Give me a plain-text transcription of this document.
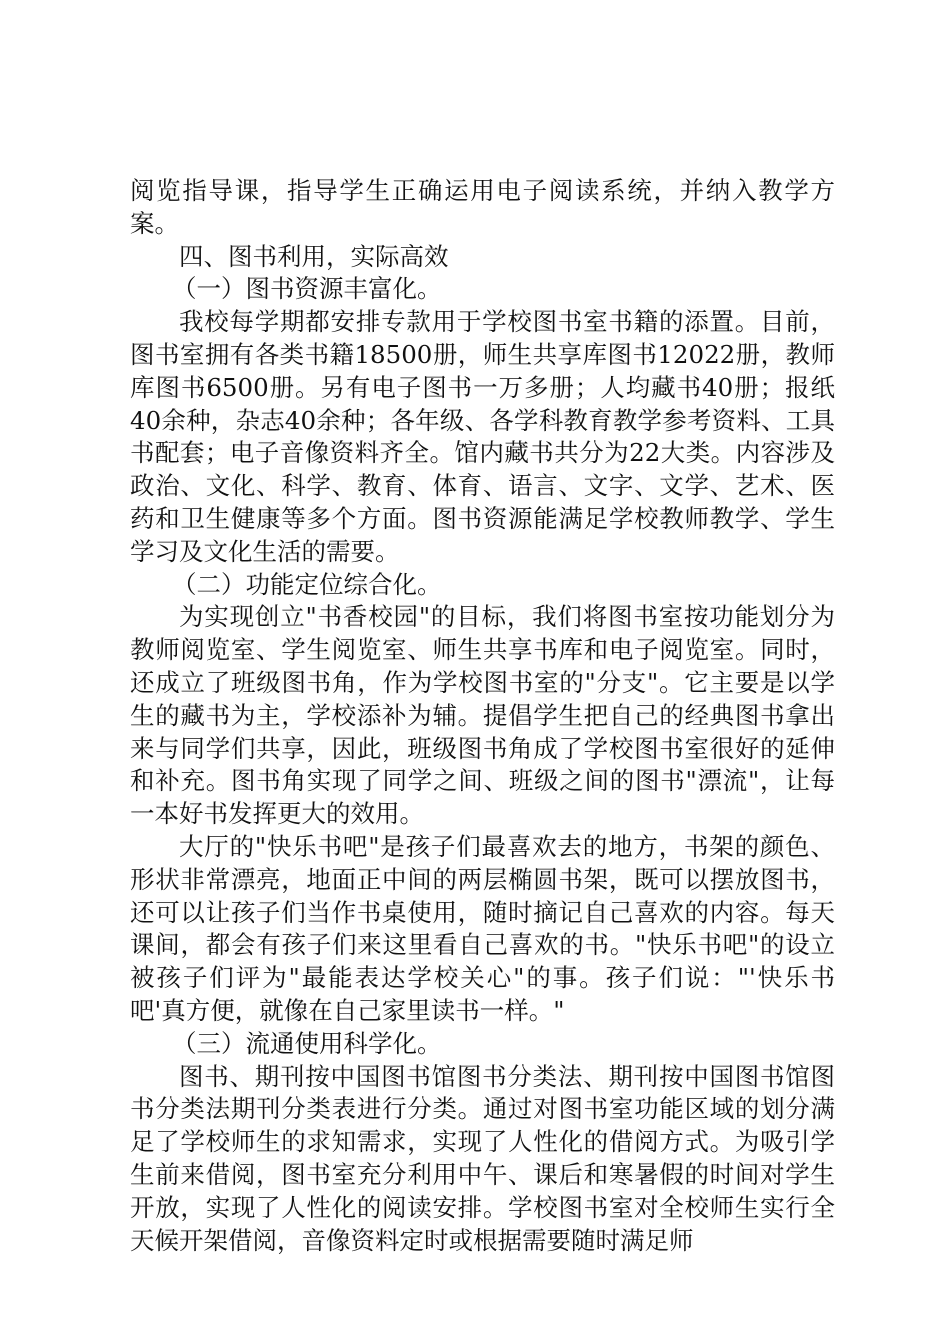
阅览指导课，指导学生正确运用电子阅读系统，并纳入教学方案。

四、图书利用，实际高效

（一）图书资源丰富化。

我校每学期都安排专款用于学校图书室书籍的添置。目前，图书室拥有各类书籍18500册，师生共享库图书12022册，教师库图书6500册。另有电子图书一万多册；人均藏书40册；报纸40余种，杂志40余种；各年级、各学科教育教学参考资料、工具书配套；电子音像资料齐全。馆内藏书共分为22大类。内容涉及政治、文化、科学、教育、体育、语言、文字、文学、艺术、医药和卫生健康等多个方面。图书资源能满足学校教师教学、学生学习及文化生活的需要。

（二）功能定位综合化。

为实现创立"书香校园"的目标，我们将图书室按功能划分为教师阅览室、学生阅览室、师生共享书库和电子阅览室。同时，还成立了班级图书角，作为学校图书室的"分支"。它主要是以学生的藏书为主，学校添补为辅。提倡学生把自己的经典图书拿出来与同学们共享，因此，班级图书角成了学校图书室很好的延伸和补充。图书角实现了同学之间、班级之间的图书"漂流"，让每一本好书发挥更大的效用。

大厅的"快乐书吧"是孩子们最喜欢去的地方，书架的颜色、形状非常漂亮，地面正中间的两层椭圆书架，既可以摆放图书，还可以让孩子们当作书桌使用，随时摘记自己喜欢的内容。每天课间，都会有孩子们来这里看自己喜欢的书。"快乐书吧"的设立被孩子们评为"最能表达学校关心"的事。孩子们说："'快乐书吧'真方便，就像在自己家里读书一样。"

（三）流通使用科学化。

图书、期刊按中国图书馆图书分类法、期刊按中国图书馆图书分类法期刊分类表进行分类。通过对图书室功能区域的划分满足了学校师生的求知需求，实现了人性化的借阅方式。为吸引学生前来借阅，图书室充分利用中午、课后和寒暑假的时间对学生开放，实现了人性化的阅读安排。学校图书室对全校师生实行全天候开架借阅，音像资料定时或根据需要随时满足师
